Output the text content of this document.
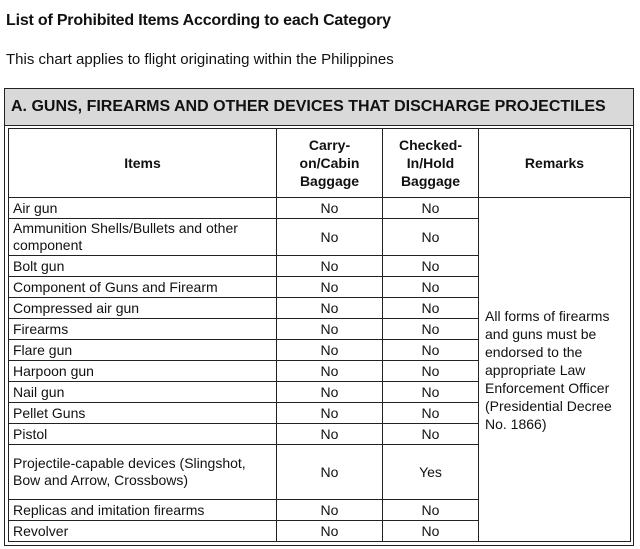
List of Prohibited Items According to each Category
This chart applies to flight originating within the Philippines
A. GUNS, FIREARMS AND OTHER DEVICES THAT DISCHARGE PROJECTILES
Items	Carry-on/Cabin Baggage	Checked-In/Hold Baggage	Remarks
Air gun	No	No	All forms of firearms and guns must be endorsed to the appropriate Law Enforcement Officer (Presidential Decree No. 1866)
Ammunition Shells/Bullets and other component	No	No	
Bolt gun	No	No	
Component of Guns and Firearm	No	No	
Compressed air gun	No	No	
Firearms	No	No	
Flare gun	No	No	
Harpoon gun	No	No	
Nail gun	No	No	
Pellet Guns	No	No	
Pistol	No	No	
Projectile-capable devices (Slingshot, Bow and Arrow, Crossbows)	No	Yes	
Replicas and imitation firearms	No	No	
Revolver	No	No	
